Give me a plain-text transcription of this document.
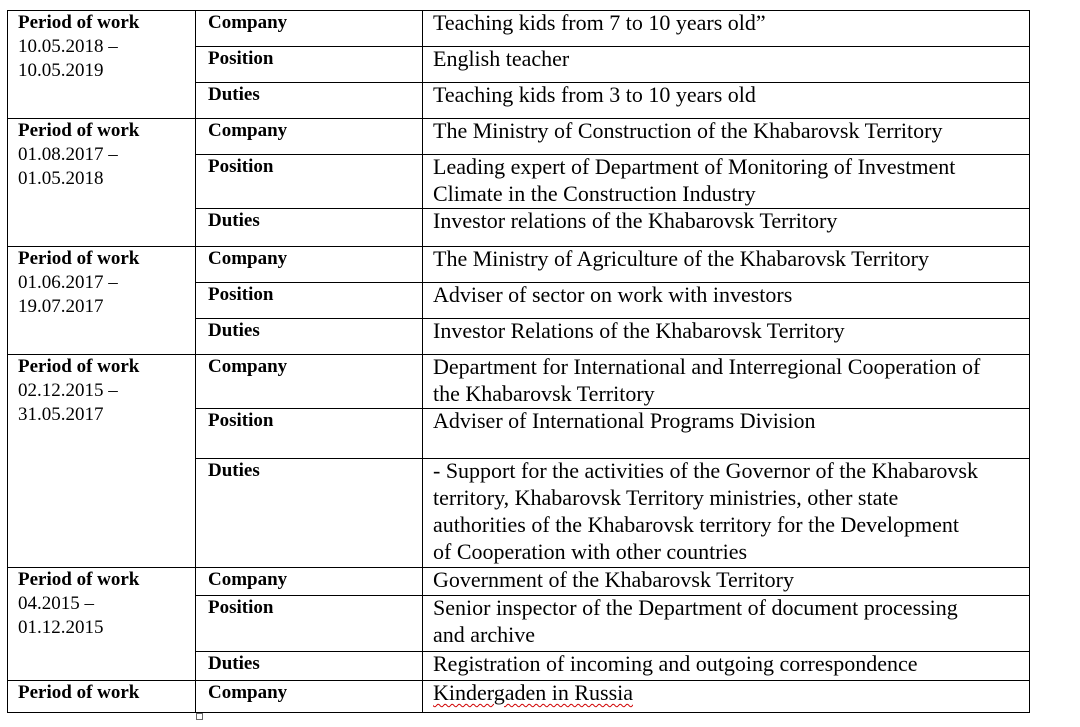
Period of work
10.05.2018 –
10.05.2019
Company	Teaching kids from 7 to 10 years old”
Position	English teacher
Duties	Teaching kids from 3 to 10 years old
Period of work
01.08.2017 –
01.05.2018
Company	The Ministry of Construction of the Khabarovsk Territory
Position	Leading expert of Department of Monitoring of Investment
Climate in the Construction Industry
Duties	Investor relations of the Khabarovsk Territory
Period of work
01.06.2017 –
19.07.2017
Company	The Ministry of Agriculture of the Khabarovsk Territory
Position	Adviser of sector on work with investors
Duties	Investor Relations of the Khabarovsk Territory
Period of work
02.12.2015 –
31.05.2017
Company	Department for International and Interregional Cooperation of
the Khabarovsk Territory
Position	Adviser of International Programs Division
Duties	- Support for the activities of the Governor of the Khabarovsk
territory, Khabarovsk Territory ministries, other state
authorities of the Khabarovsk territory for the Development
of Cooperation with other countries
Period of work
04.2015 –
01.12.2015
Company	Government of the Khabarovsk Territory
Position	Senior inspector of the Department of document processing
and archive
Duties	Registration of incoming and outgoing correspondence
Period of work	Company	Kindergaden in Russia
